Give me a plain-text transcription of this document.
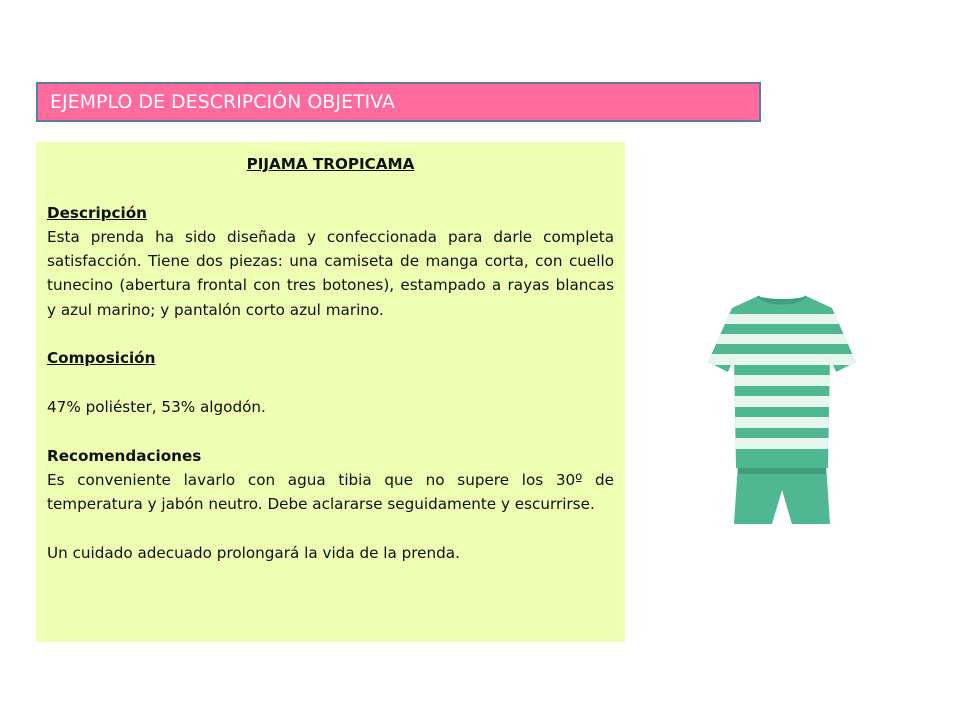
EJEMPLO DE DESCRIPCIÓN OBJETIVA

PIJAMA TROPICAMA

Descripción

Esta prenda ha sido diseñada y confeccionada para darle completa satisfacción. Tiene dos piezas: una camiseta de manga corta, con cuello tunecino (abertura frontal con tres botones), estampado a rayas blancas y azul marino; y pantalón corto azul marino.

Composición

47% poliéster, 53% algodón.

Recomendaciones

Es conveniente lavarlo con agua tibia que no supere los 30º de temperatura y jabón neutro. Debe aclararse seguidamente y escurrirse.

Un cuidado adecuado prolongará la vida de la prenda.
